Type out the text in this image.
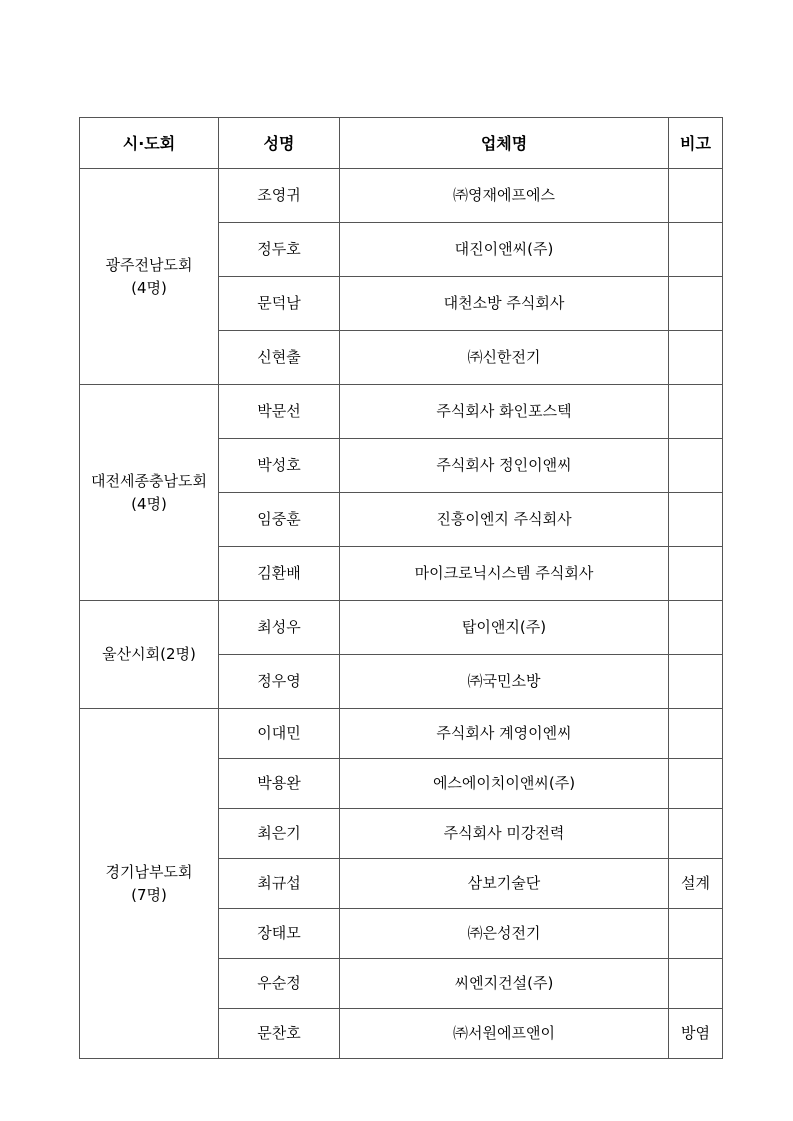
시·도회	성명	업체명	비고

광주전남도회
(4명)	조영귀	㈜영재에프에스	
	정두호	대진이앤씨(주)	
	문덕남	대천소방 주식회사	
	신현출	㈜신한전기	

대전세종충남도회
(4명)	박문선	주식회사 화인포스텍	
	박성호	주식회사 정인이앤씨	
	임중훈	진흥이엔지 주식회사	
	김환배	마이크로닉시스템 주식회사	

울산시회(2명)	최성우	탑이앤지(주)	
	정우영	㈜국민소방	

경기남부도회
(7명)	이대민	주식회사 계영이엔씨	
	박용완	에스에이치이앤씨(주)	
	최은기	주식회사 미강전력	
	최규섭	삼보기술단	설계
	장태모	㈜은성전기	
	우순정	씨엔지건설(주)	
	문찬호	㈜서원에프앤이	방염
